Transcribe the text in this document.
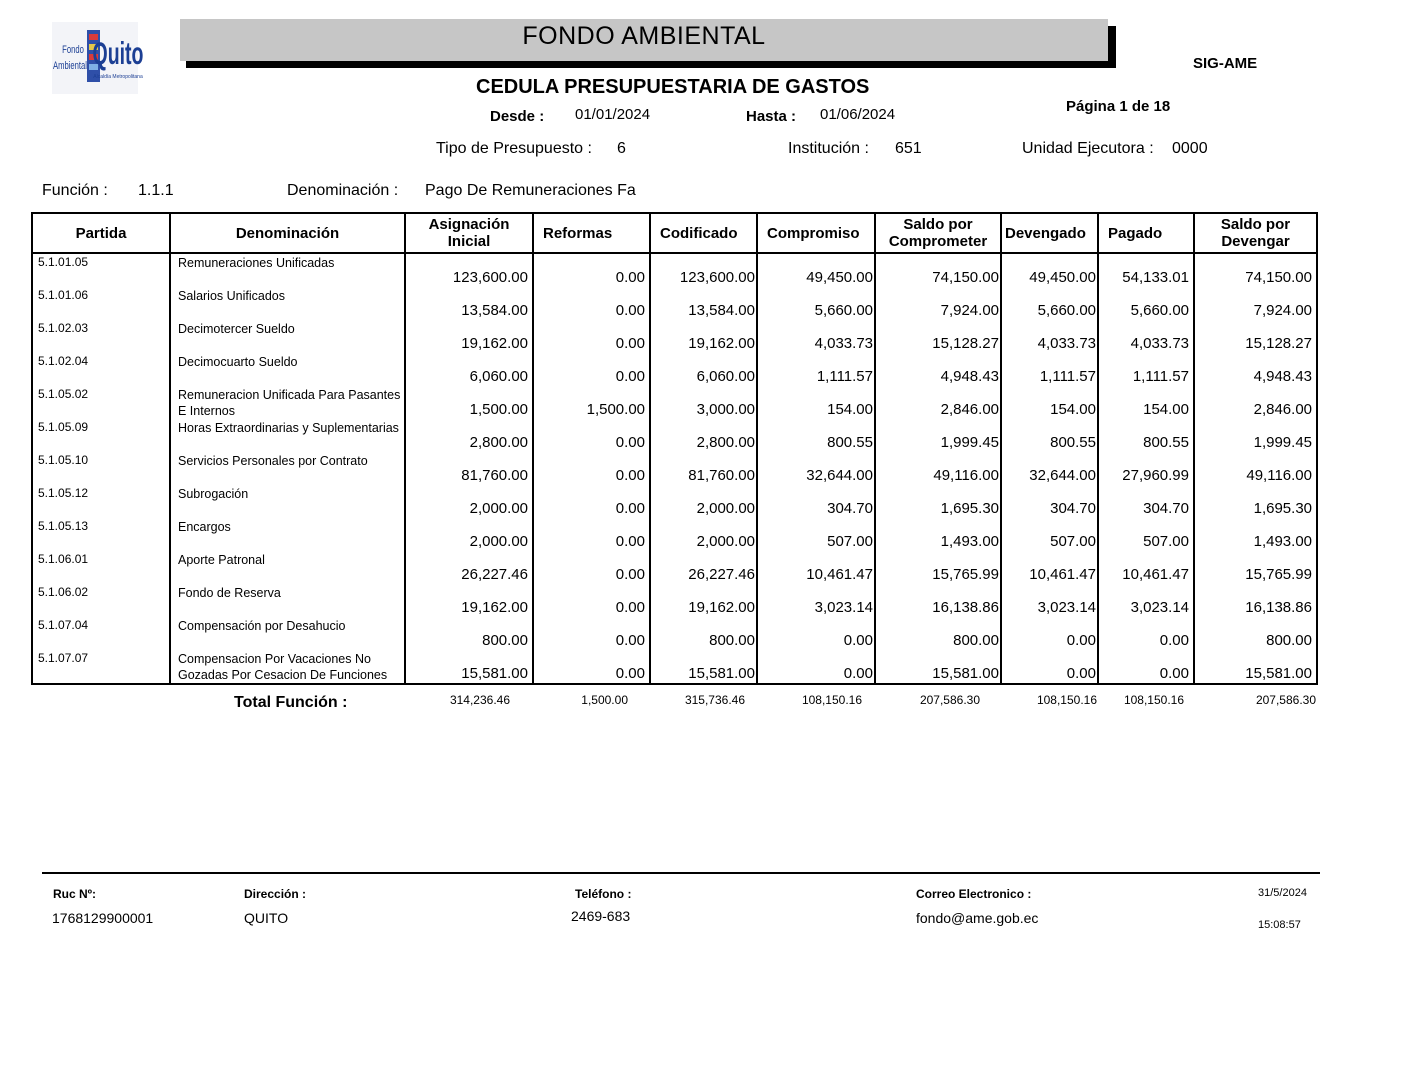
Fondo
Ambiental Quito
Alcaldía Metropolitana
FONDO AMBIENTAL
SIG-AME
CEDULA PRESUPUESTARIA DE GASTOS
Desde : 01/01/2024	Hasta : 01/06/2024	Página 1 de 18
Tipo de Presupuesto : 6	Institución : 651	Unidad Ejecutora : 0000
Función : 1.1.1	Denominación : Pago De Remuneraciones Fa
Partida	Denominación	Asignación Inicial	Reformas	Codificado	Compromiso	Saldo por Comprometer	Devengado	Pagado	Saldo por Devengar
5.1.01.05	Remuneraciones Unificadas	123,600.00	0.00	123,600.00	49,450.00	74,150.00	49,450.00	54,133.01	74,150.00
5.1.01.06	Salarios Unificados	13,584.00	0.00	13,584.00	5,660.00	7,924.00	5,660.00	5,660.00	7,924.00
5.1.02.03	Decimotercer Sueldo	19,162.00	0.00	19,162.00	4,033.73	15,128.27	4,033.73	4,033.73	15,128.27
5.1.02.04	Decimocuarto Sueldo	6,060.00	0.00	6,060.00	1,111.57	4,948.43	1,111.57	1,111.57	4,948.43
5.1.05.02	Remuneracion Unificada Para Pasantes E Internos	1,500.00	1,500.00	3,000.00	154.00	2,846.00	154.00	154.00	2,846.00
5.1.05.09	Horas Extraordinarias y Suplementarias	2,800.00	0.00	2,800.00	800.55	1,999.45	800.55	800.55	1,999.45
5.1.05.10	Servicios Personales por Contrato	81,760.00	0.00	81,760.00	32,644.00	49,116.00	32,644.00	27,960.99	49,116.00
5.1.05.12	Subrogación	2,000.00	0.00	2,000.00	304.70	1,695.30	304.70	304.70	1,695.30
5.1.05.13	Encargos	2,000.00	0.00	2,000.00	507.00	1,493.00	507.00	507.00	1,493.00
5.1.06.01	Aporte Patronal	26,227.46	0.00	26,227.46	10,461.47	15,765.99	10,461.47	10,461.47	15,765.99
5.1.06.02	Fondo de Reserva	19,162.00	0.00	19,162.00	3,023.14	16,138.86	3,023.14	3,023.14	16,138.86
5.1.07.04	Compensación por Desahucio	800.00	0.00	800.00	0.00	800.00	0.00	0.00	800.00
5.1.07.07	Compensacion Por Vacaciones No Gozadas Por Cesacion De Funciones	15,581.00	0.00	15,581.00	0.00	15,581.00	0.00	0.00	15,581.00
Total Función :	314,236.46	1,500.00	315,736.46	108,150.16	207,586.30	108,150.16	108,150.16	207,586.30
Ruc Nº:
1768129900001
Dirección :
QUITO
Teléfono :
2469-683
Correo Electronico :
fondo@ame.gob.ec
31/5/2024
15:08:57
